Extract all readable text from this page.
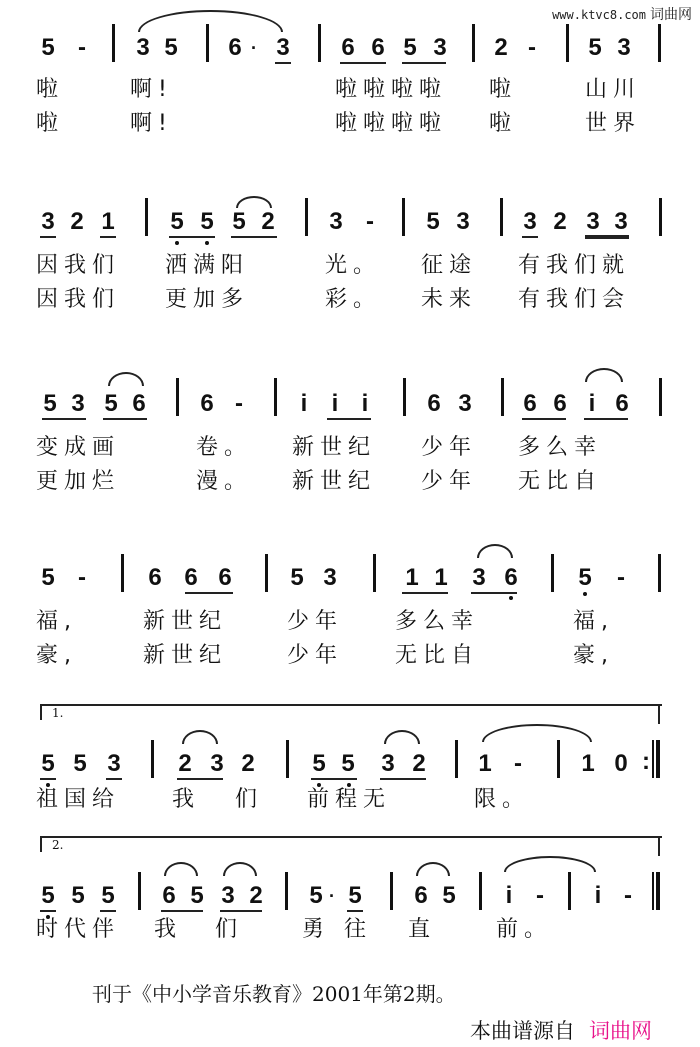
www.ktvc8.com 词曲网
5 - 3 5 6 · 3 6 6 5 3 2 - 5 3
啦	啊!	啦啦啦啦 啦	山川
啦	啊!	啦啦啦啦 啦	世界
3 2 1 5 5 5 2 3 - 5 3 3 2 3 3
因我们 洒满阳	光。 征途 有我们就
因我们 更加多	彩。 未来 有我们会
5 3 5 6 6 - i i i 6 3 6 6 i 6
变成画	卷。 新世纪 少年 多么幸
更加烂	漫。 新世纪 少年 无比自
5 -	6 6 6 5 3	1 1 3 6	5 -
福,	新世纪	少年 多么幸	福,
豪,	新世纪	少年 无比自	豪,
1.
5 5 3 2 3 2 5 5 3 2 1 - 1 0 :
祖国给 我 们 前程无	限。
2.
5 5 5 6 5 3 2 5 · 5 6 5 i - i -
时代伴 我 们	勇 往 直	前。
刊于《中小学音乐教育》2001年第2期。
本曲谱源自 词曲网
